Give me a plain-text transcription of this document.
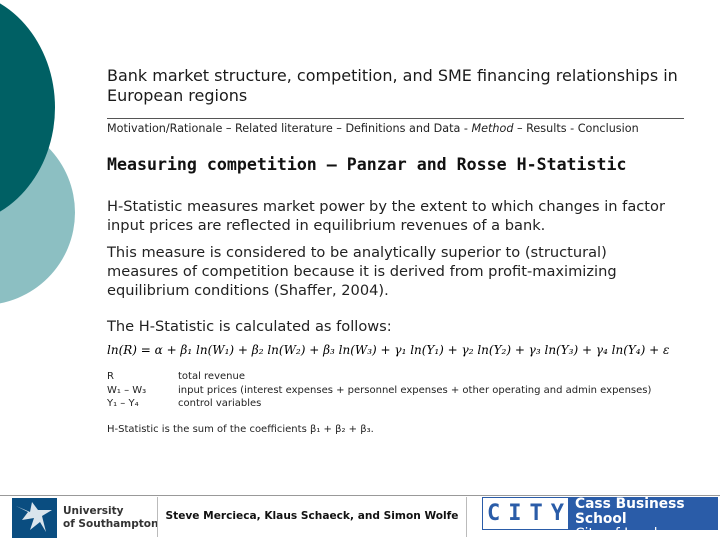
Bank market structure, competition, and SME financing relationships in European regions
Motivation/Rationale – Related literature – Definitions and Data - Method – Results - Conclusion
Measuring competition – Panzar and Rosse H-Statistic
H-Statistic measures market power by the extent to which changes in factor input prices are reflected in equilibrium revenues of a bank.
This measure is considered to be analytically superior to (structural) measures of competition because it is derived from profit-maximizing equilibrium conditions (Shaffer, 2004).
The H-Statistic is calculated as follows:
ln(R) = α + β₁ ln(W₁) + β₂ ln(W₂) + β₃ ln(W₃) + γ₁ ln(Y₁) + γ₂ ln(Y₂) + γ₃ ln(Y₃) + γ₄ ln(Y₄) + ε
R	total revenue
W₁ – W₃	input prices (interest expenses + personnel expenses + other operating and admin expenses)
Y₁ – Y₄	control variables
H-Statistic is the sum of the coefficients β₁ + β₂ + β₃.
University
of Southampton
Steve Mercieca, Klaus Schaeck, and Simon Wolfe	C I T Y Cass Business School
City of London
